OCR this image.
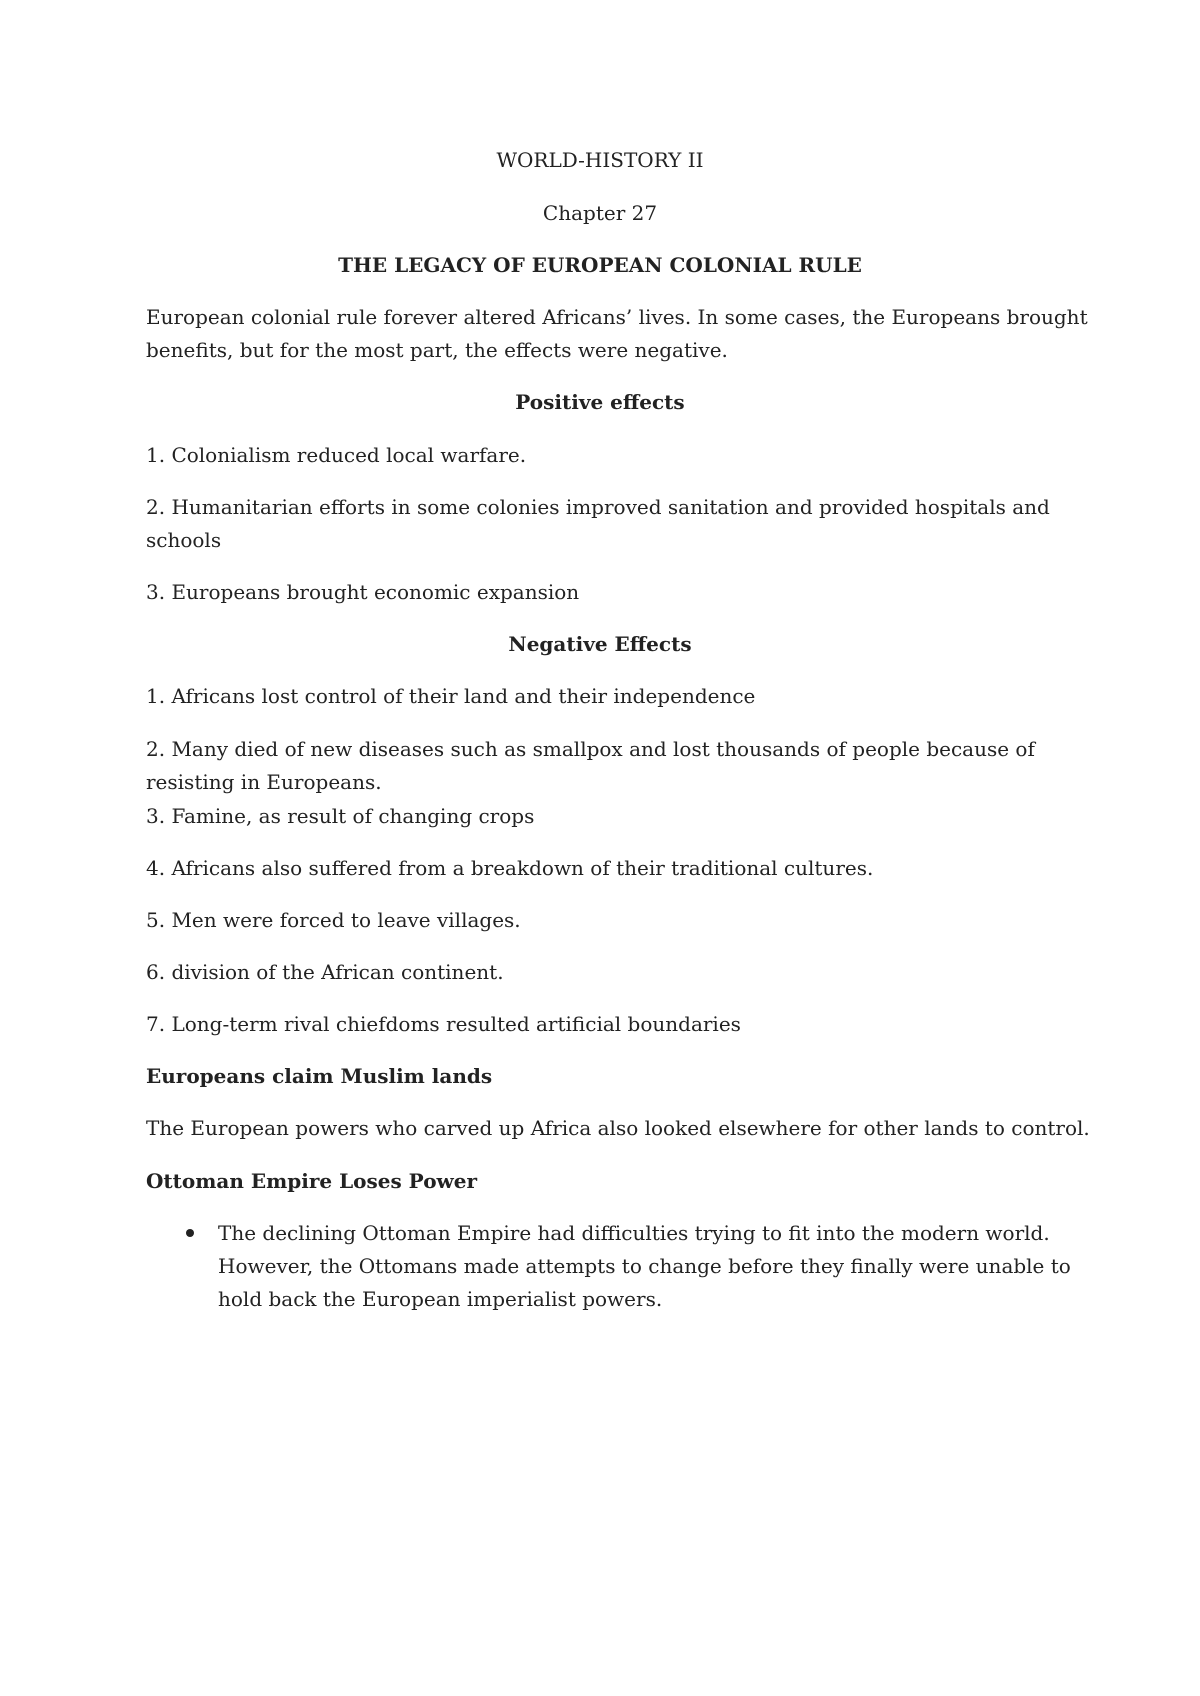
WORLD-HISTORY II

Chapter 27

THE LEGACY OF EUROPEAN COLONIAL RULE

European colonial rule forever altered Africans’ lives. In some cases, the Europeans brought

benefits, but for the most part, the effects were negative.

Positive effects

1. Colonialism reduced local warfare.

2. Humanitarian efforts in some colonies improved sanitation and provided hospitals and

schools

3. Europeans brought economic expansion

Negative Effects

1. Africans lost control of their land and their independence

2. Many died of new diseases such as smallpox and lost thousands of people because of

resisting in Europeans.

3. Famine, as result of changing crops

4. Africans also suffered from a breakdown of their traditional cultures.

5. Men were forced to leave villages.

6. division of the African continent.

7. Long-term rival chiefdoms resulted artificial boundaries

Europeans claim Muslim lands

The European powers who carved up Africa also looked elsewhere for other lands to control.

Ottoman Empire Loses Power

The declining Ottoman Empire had difficulties trying to fit into the modern world.

However, the Ottomans made attempts to change before they finally were unable to

hold back the European imperialist powers.
